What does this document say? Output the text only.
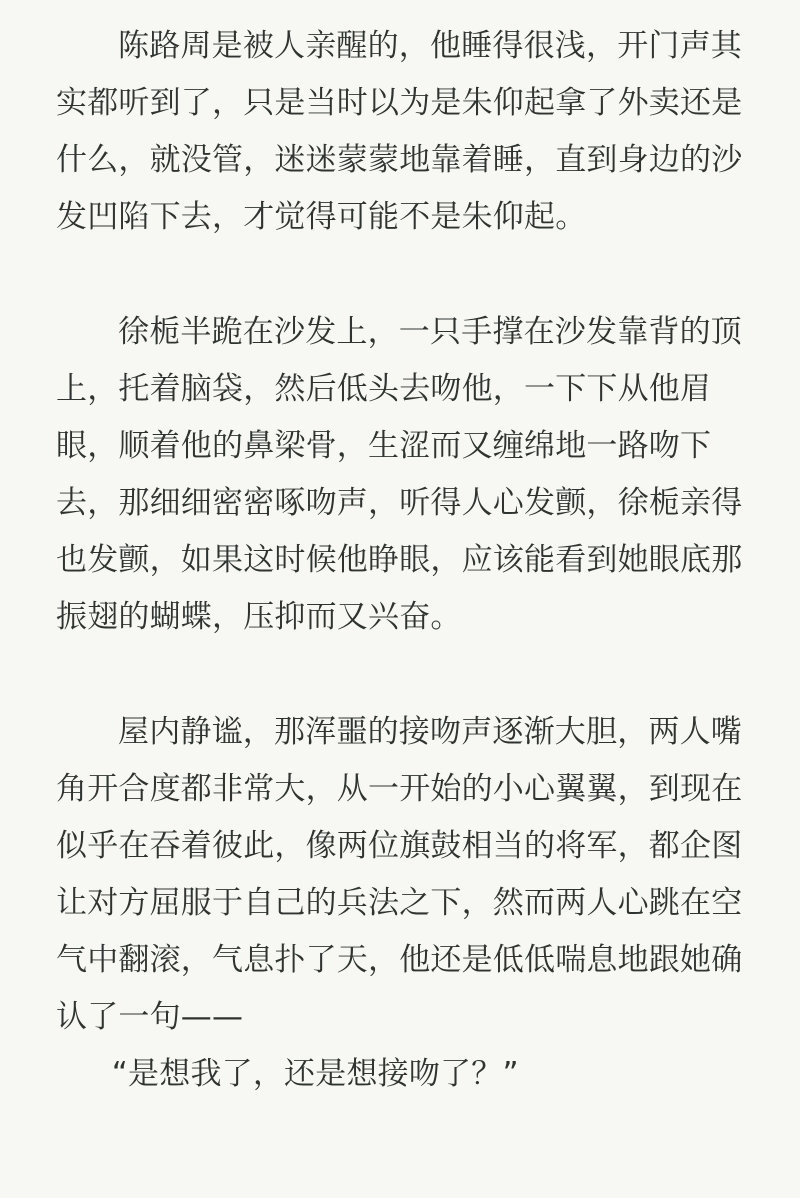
陈路周是被人亲醒的，他睡得很浅，开门声其实都听到了，只是当时以为是朱仰起拿了外卖还是什么，就没管，迷迷蒙蒙地靠着睡，直到身边的沙发凹陷下去，才觉得可能不是朱仰起。

徐栀半跪在沙发上，一只手撑在沙发靠背的顶上，托着脑袋，然后低头去吻他，一下下从他眉眼，顺着他的鼻梁骨，生涩而又缠绵地一路吻下去，那细细密密啄吻声，听得人心发颤，徐栀亲得也发颤，如果这时候他睁眼，应该能看到她眼底那振翅的蝴蝶，压抑而又兴奋。

屋内静谧，那浑噩的接吻声逐渐大胆，两人嘴角开合度都非常大，从一开始的小心翼翼，到现在似乎在吞着彼此，像两位旗鼓相当的将军，都企图让对方屈服于自己的兵法之下，然而两人心跳在空气中翻滚，气息扑了天，他还是低低喘息地跟她确认了一句——

“是想我了，还是想接吻了？”
